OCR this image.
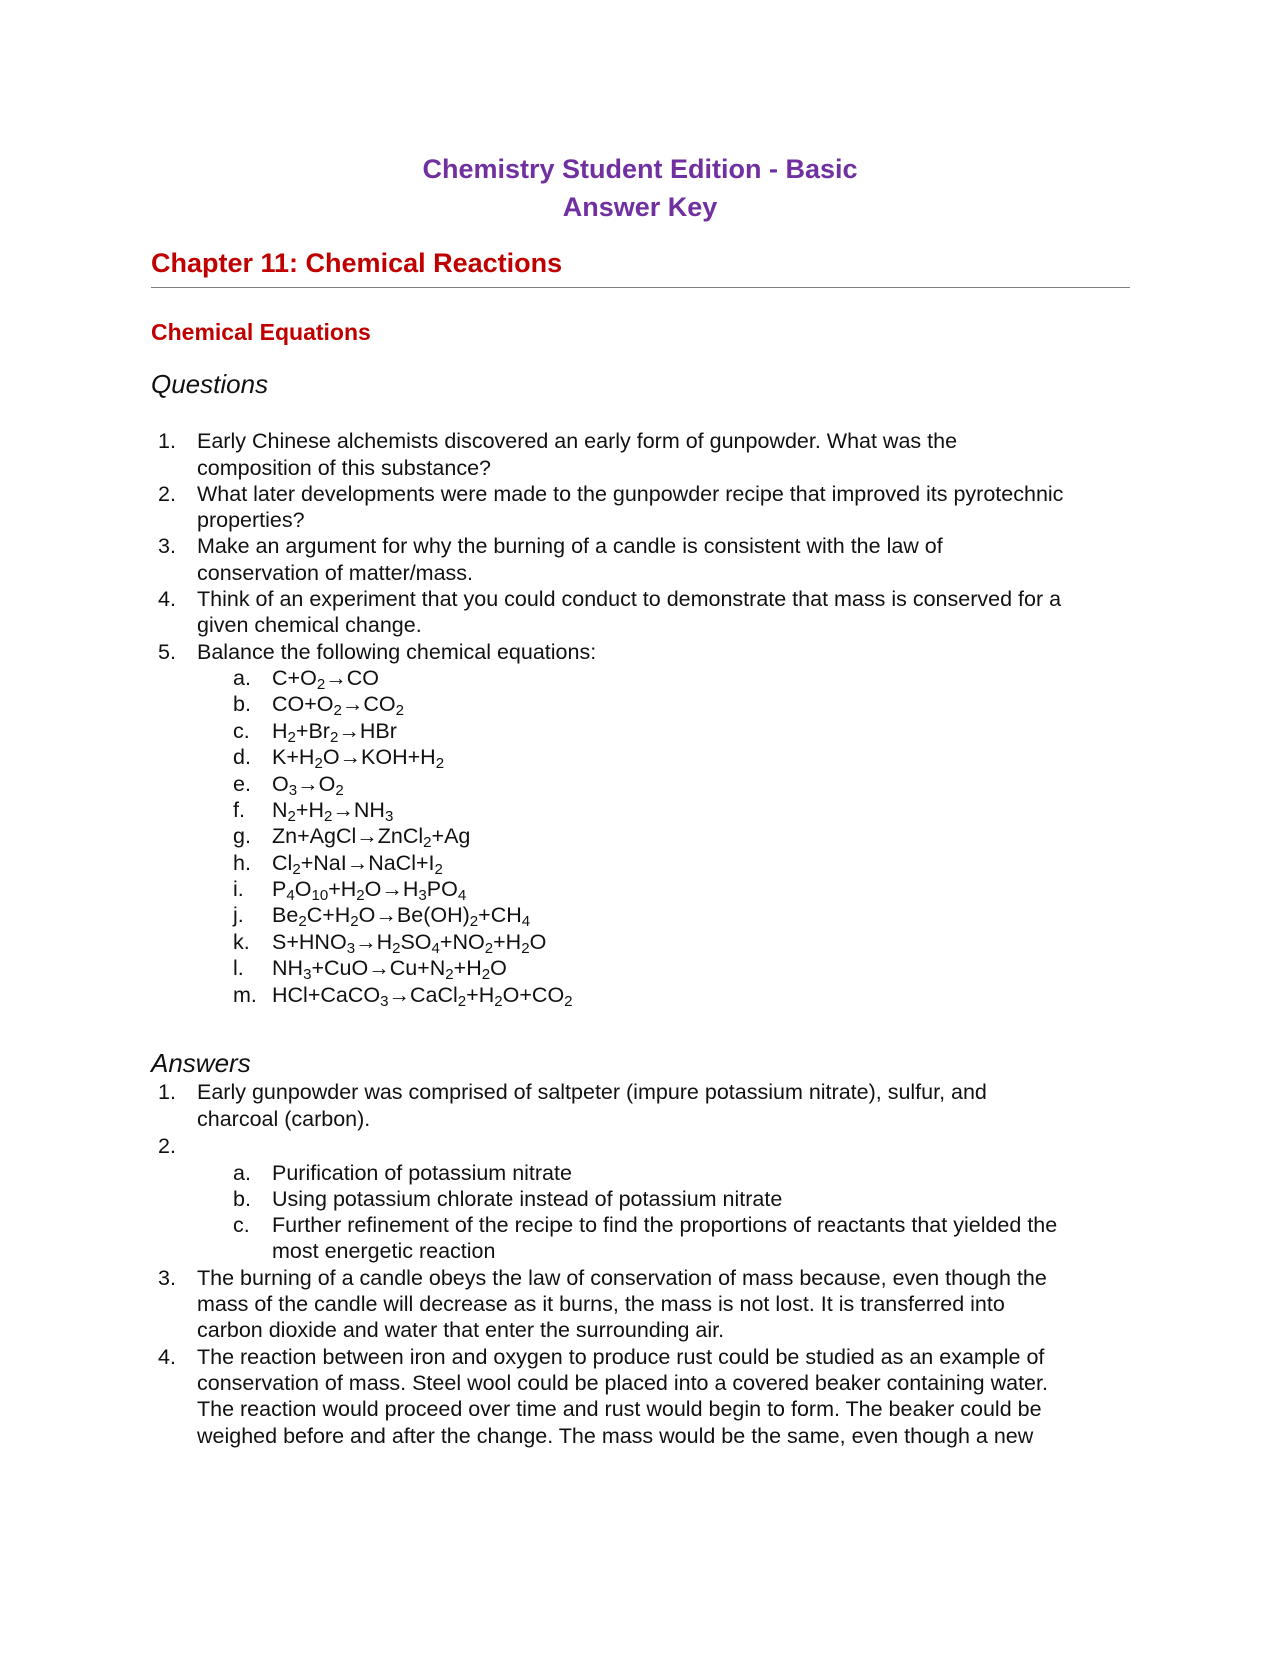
Chemistry Student Edition - Basic
Answer Key
Chapter 11: Chemical Reactions
Chemical Equations
Questions
1. Early Chinese alchemists discovered an early form of gunpowder. What was the
composition of this substance?
2. What later developments were made to the gunpowder recipe that improved its pyrotechnic
properties?
3. Make an argument for why the burning of a candle is consistent with the law of
conservation of matter/mass.
4. Think of an experiment that you could conduct to demonstrate that mass is conserved for a
given chemical change.
5. Balance the following chemical equations:
a. $C+O_2\to CO$
b. $CO+O_2\to CO_2$
c.	$H_2+Br_2\to HBr$
d. $K+H_2O\to KOH+H_2$
e. $O_3\to O_2$
f.	$N_2+H_2\to NH_3$
g. Zn+AgCl→ZnCl$_2$+Ag
h. $Cl_2+NaI\to NaCl+I_2$
i.	$P_4O_{10}+H_2O\to H_3PO_4$
j.	$Be_2C+H_2O\to Be(OH)_2+CH_4$
k.	$S+HNO_3\to H_2SO_4+NO_2+H_2O$
l.	$NH_3+CuO\to Cu+N_2+H_2O$
m. $HCl+CaCO_3\to CaCl_2+H_2O+CO_2$
Answers
1. Early gunpowder was comprised of saltpeter (impure potassium nitrate), sulfur, and
charcoal (carbon).
2.
a. Purification of potassium nitrate
b. Using potassium chlorate instead of potassium nitrate
c.	Further refinement of the recipe to find the proportions of reactants that yielded the
most energetic reaction
3. The burning of a candle obeys the law of conservation of mass because, even though the
mass of the candle will decrease as it burns, the mass is not lost. It is transferred into
carbon dioxide and water that enter the surrounding air.
4. The reaction between iron and oxygen to produce rust could be studied as an example of
conservation of mass. Steel wool could be placed into a covered beaker containing water.
The reaction would proceed over time and rust would begin to form. The beaker could be
weighed before and after the change. The mass would be the same, even though a new
